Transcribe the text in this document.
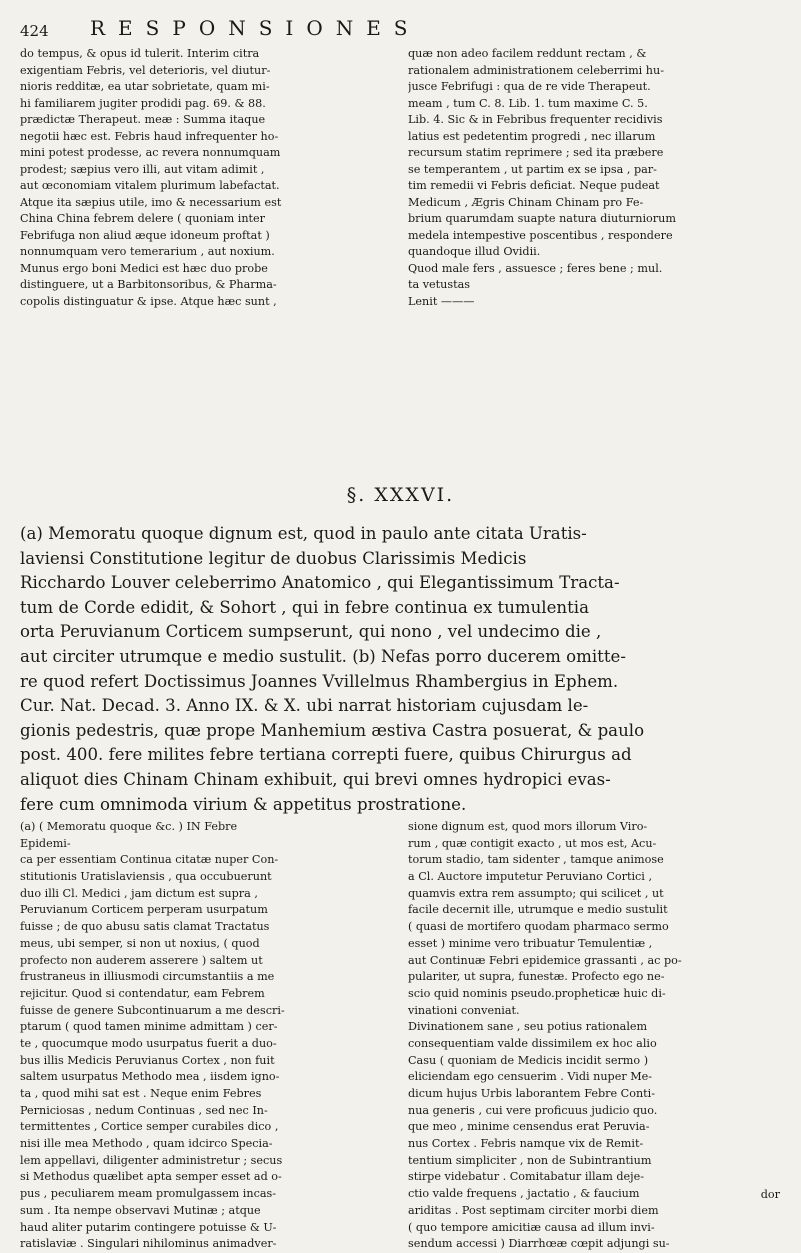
424 RESPONSIONES
do tempus, & opus id tulerit. Interim citra
exigentiam Febris, vel deterioris, vel diutur-
nioris redditæ, ea utar sobrietate, quam mi-
hi familiarem jugiter prodidi pag. 69. & 88.
prædictæ Therapeut. meæ : Summa itaque
negotii hæc est. Febris haud infrequenter ho-
mini potest prodesse, ac revera nonnumquam
prodest; sæpius vero illi, aut vitam adimit ,
aut œconomiam vitalem plurimum labefactat.
Atque ita sæpius utile, imo & necessarium est
China China febrem delere ( quoniam inter
Febrifuga non aliud æque idoneum proftat )
nonnumquam vero temerarium , aut noxium.
Munus ergo boni Medici est hæc duo probe
distinguere, ut a Barbitonsoribus, & Pharma-
copolis distinguatur & ipse. Atque hæc sunt ,
quæ non adeo facilem reddunt rectam , &
rationalem administrationem celeberrimi hu-
jusce Febrifugi : qua de re vide Therapeut.
meam , tum C. 8. Lib. 1. tum maxime C. 5.
Lib. 4. Sic & in Febribus frequenter recidivis
latius est pedetentim progredi , nec illarum
recursum statim reprimere ; sed ita præbere
se temperantem , ut partim ex se ipsa , par-
tim remedii vi Febris deficiat. Neque pudeat
Medicum , Ægris Chinam Chinam pro Fe-
brium quarumdam suapte natura diuturniorum
medela intempestive poscentibus , respondere
quandoque illud Ovidii.
Quod male fers , assuesce ; feres bene ; mul.
ta vetustas
Lenit ———
§. XXXVI.
(a) Memoratu quoque dignum est, quod in paulo ante citata Uratis-
laviensi Constitutione legitur de duobus Clarissimis Medicis
Ricchardo Louver celeberrimo Anatomico , qui Elegantissimum Tracta-
tum de Corde edidit, & Sohort , qui in febre continua ex tumulentia
orta Peruvianum Corticem sumpserunt, qui nono , vel undecimo die ,
aut circiter utrumque e medio sustulit. (b) Nefas porro ducerem omitte-
re quod refert Doctissimus Joannes Vvillelmus Rhambergius in Ephem.
Cur. Nat. Decad. 3. Anno IX. & X. ubi narrat historiam cujusdam le-
gionis pedestris, quæ prope Manhemium æstiva Castra posuerat, & paulo
post. 400. fere milites febre tertiana correpti fuere, quibus Chirurgus ad
aliquot dies Chinam Chinam exhibuit, qui brevi omnes hydropici evas-
fere cum omnimoda virium & appetitus prostratione.
(a) ( Memoratu quoque &c. ) IN Febre
Epidemi-
ca per essentiam Continua citatæ nuper Con-
stitutionis Uratislaviensis , qua occubuerunt
duo illi Cl. Medici , jam dictum est supra ,
Peruvianum Corticem perperam usurpatum
fuisse ; de quo abusu satis clamat Tractatus
meus, ubi semper, si non ut noxius, ( quod
profecto non auderem asserere ) saltem ut
frustraneus in illiusmodi circumstantiis a me
rejicitur. Quod si contendatur, eam Febrem
fuisse de genere Subcontinuarum a me descri-
ptarum ( quod tamen minime admittam ) cer-
te , quocumque modo usurpatus fuerit a duo-
bus illis Medicis Peruvianus Cortex , non fuit
saltem usurpatus Methodo mea , iisdem igno-
ta , quod mihi sat est . Neque enim Febres
Perniciosas , nedum Continuas , sed nec In-
termittentes , Cortice semper curabiles dico ,
nisi ille mea Methodo , quam idcirco Specia-
lem appellavi, diligenter administretur ; secus
si Methodus quælibet apta semper esset ad o-
pus , peculiarem meam promulgassem incas-
sum . Ita nempe observavi Mutinæ ; atque
haud aliter putarim contingere potuisse & U-
ratislaviæ . Singulari nihilominus animadver-
sione dignum est, quod mors illorum Viro-
rum , quæ contigit exacto , ut mos est, Acu-
torum stadio, tam sidenter , tamque animose
a Cl. Auctore imputetur Peruviano Cortici ,
quamvis extra rem assumpto; qui scilicet , ut
facile decernit ille, utrumque e medio sustulit
( quasi de mortifero quodam pharmaco sermo
esset ) minime vero tribuatur Temulentiæ ,
aut Continuæ Febri epidemice grassanti , ac po-
pulariter, ut supra, funestæ. Profecto ego ne-
scio quid nominis pseudo.propheticæ huic di-
vinationi conveniat.
Divinationem sane , seu potius rationalem
consequentiam valde dissimilem ex hoc alio
Casu ( quoniam de Medicis incidit sermo )
eliciendam ego censuerim . Vidi nuper Me-
dicum hujus Urbis laborantem Febre Conti-
nua generis , cui vere proficuus judicio quo.
que meo , minime censendus erat Peruvia-
nus Cortex . Febris namque vix de Remit-
tentium simpliciter , non de Subintrantium
stirpe videbatur . Comitabatur illam deje-
ctio valde frequens , jactatio , & faucium
ariditas . Post septimam circiter morbi diem
( quo tempore amicitiæ causa ad illum invi-
sendum accessi ) Diarrhœæ cœpit adjungi su-
dor
